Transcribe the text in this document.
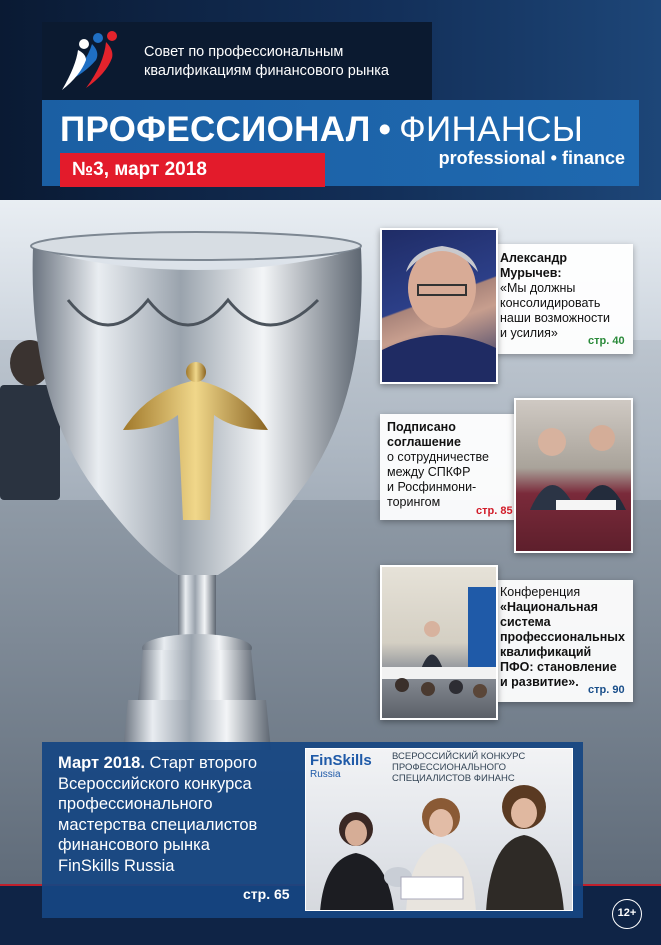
Александр
Мурычев:
«Мы должны
консолидировать
наши возможности
и усилия»
стр. 40
Подписано
соглашение
о сотрудничестве
между СПКФР
и Росфинмони-
торингом
стр. 85
Конференция
«Национальная
система
профессиональных
квалификаций
ПФО: становление
и развитие».
стр. 90
Март 2018. Старт второго
Всероссийского конкурса
профессионального
мастерства специалистов
финансового рынка
FinSkills Russia
стр. 65
FinSkills
Russia
ВСЕРОССИЙСКИЙ КОНКУРС
ПРОФЕССИОНАЛЬНОГО
СПЕЦИАЛИСТОВ ФИНАНС
12+
Совет по профессиональным
квалификациям финансового рынка
ПРОФЕССИОНАЛ • ФИНАНСЫ
professional • finance
№3, март 2018
